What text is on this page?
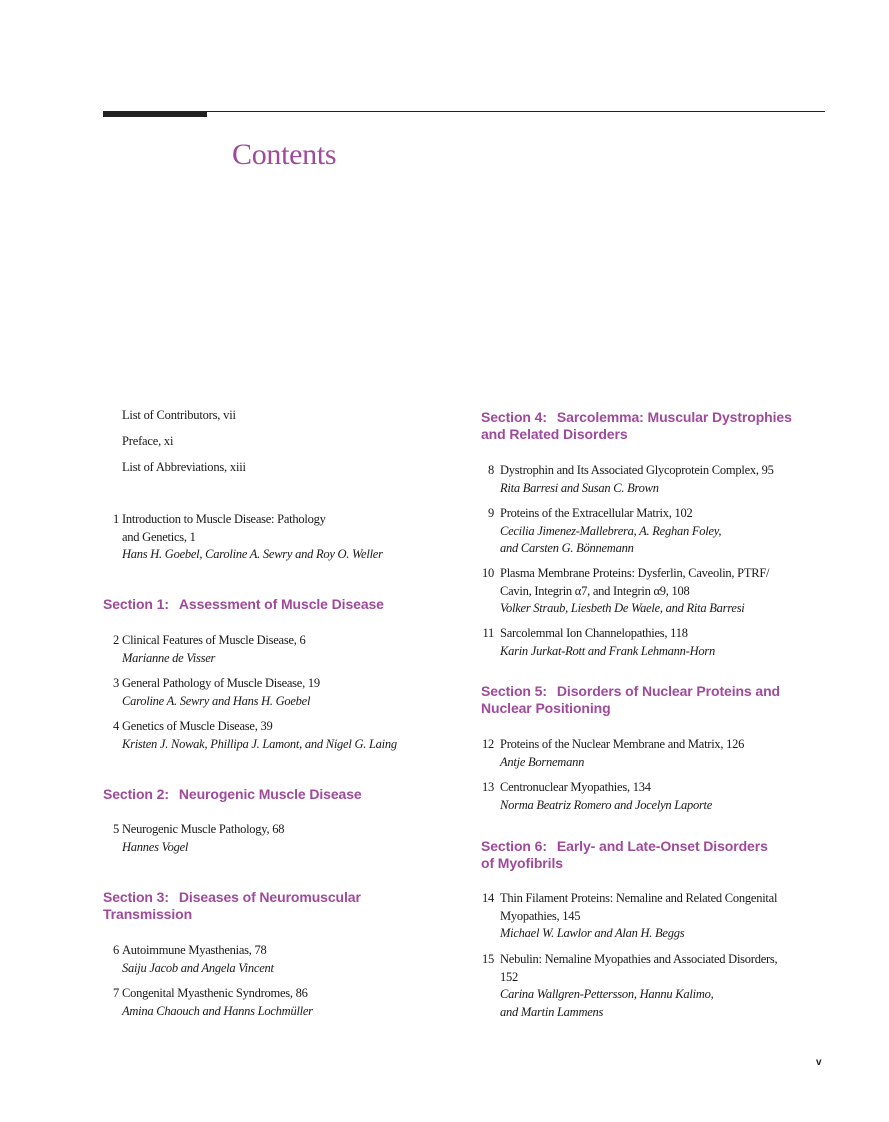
Contents
List of Contributors, vii
Preface, xi
List of Abbreviations, xiii
1 Introduction to Muscle Disease: Pathology
and Genetics, 1
Hans H. Goebel, Caroline A. Sewry and Roy O. Weller
Section 1: Assessment of Muscle Disease
2 Clinical Features of Muscle Disease, 6
Marianne de Visser
3 General Pathology of Muscle Disease, 19
Caroline A. Sewry and Hans H. Goebel
4 Genetics of Muscle Disease, 39
Kristen J. Nowak, Phillipa J. Lamont, and Nigel G. Laing
Section 2: Neurogenic Muscle Disease
5 Neurogenic Muscle Pathology, 68
Hannes Vogel
Section 3: Diseases of Neuromuscular
Transmission
6 Autoimmune Myasthenias, 78
Saiju Jacob and Angela Vincent
7 Congenital Myasthenic Syndromes, 86
Amina Chaouch and Hanns Lochmüller
Section 4: Sarcolemma: Muscular Dystrophies
and Related Disorders
8 Dystrophin and Its Associated Glycoprotein Complex, 95
Rita Barresi and Susan C. Brown
9 Proteins of the Extracellular Matrix, 102
Cecilia Jimenez-Mallebrera, A. Reghan Foley,
and Carsten G. Bönnemann
10 Plasma Membrane Proteins: Dysferlin, Caveolin, PTRF/
Cavin, Integrin α7, and Integrin α9, 108
Volker Straub, Liesbeth De Waele, and Rita Barresi
11 Sarcolemmal Ion Channelopathies, 118
Karin Jurkat-Rott and Frank Lehmann-Horn
Section 5: Disorders of Nuclear Proteins and
Nuclear Positioning
12 Proteins of the Nuclear Membrane and Matrix, 126
Antje Bornemann
13 Centronuclear Myopathies, 134
Norma Beatriz Romero and Jocelyn Laporte
Section 6: Early- and Late-Onset Disorders
of Myofibrils
14 Thin Filament Proteins: Nemaline and Related Congenital
Myopathies, 145
Michael W. Lawlor and Alan H. Beggs
15 Nebulin: Nemaline Myopathies and Associated Disorders,
152
Carina Wallgren-Pettersson, Hannu Kalimo,
and Martin Lammens
v
